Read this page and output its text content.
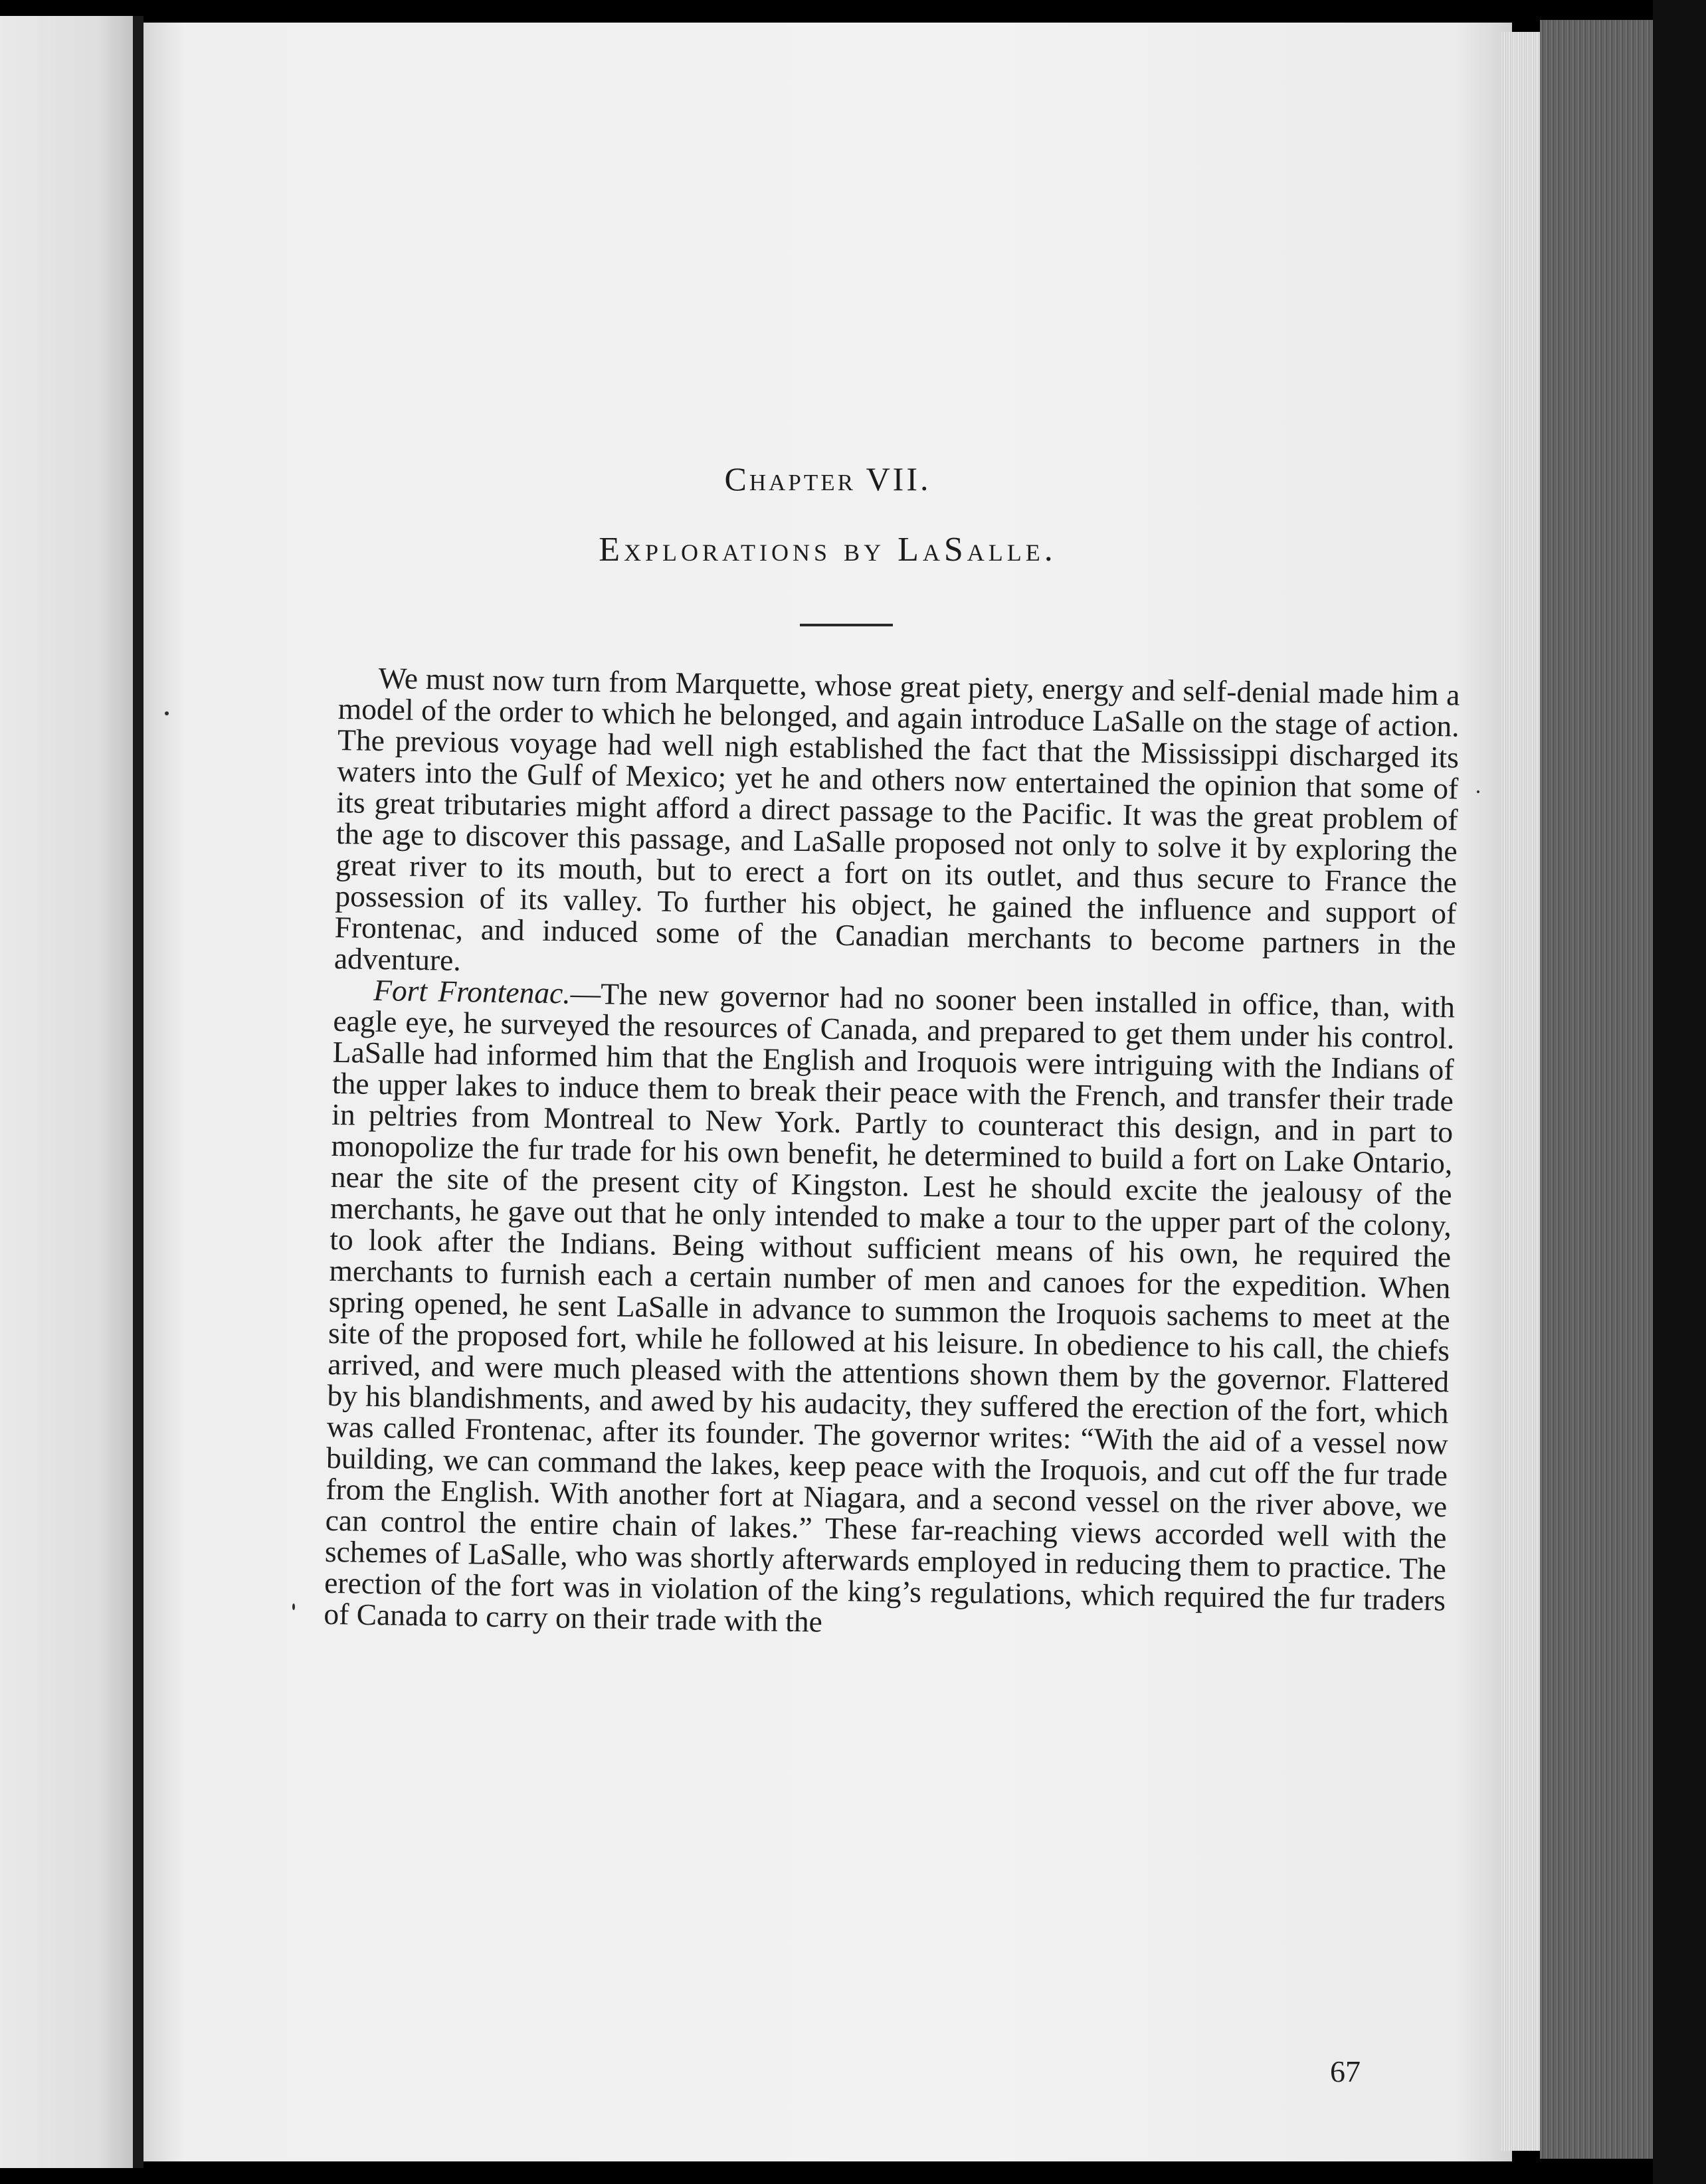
Chapter VII.
Explorations by LaSalle.

We must now turn from Marquette, whose great piety, energy and self-denial made him a model of the order to which he belonged, and again introduce LaSalle on the stage of action. The previous voyage had well nigh established the fact that the Mississippi discharged its waters into the Gulf of Mexico; yet he and others now entertained the opinion that some of its great tributaries might afford a direct passage to the Pacific. It was the great problem of the age to discover this passage, and LaSalle proposed not only to solve it by exploring the great river to its mouth, but to erect a fort on its outlet, and thus secure to France the possession of its valley. To further his object, he gained the influence and support of Frontenac, and induced some of the Canadian merchants to become partners in the adventure.

Fort Frontenac.—The new governor had no sooner been installed in office, than, with eagle eye, he surveyed the resources of Canada, and prepared to get them under his control. LaSalle had informed him that the English and Iroquois were intriguing with the Indians of the upper lakes to induce them to break their peace with the French, and transfer their trade in peltries from Montreal to New York. Partly to counteract this design, and in part to monopolize the fur trade for his own benefit, he determined to build a fort on Lake Ontario, near the site of the present city of Kingston. Lest he should excite the jealousy of the merchants, he gave out that he only intended to make a tour to the upper part of the colony, to look after the Indians. Being without sufficient means of his own, he required the merchants to furnish each a certain number of men and canoes for the expedition. When spring opened, he sent LaSalle in advance to summon the Iroquois sachems to meet at the site of the proposed fort, while he followed at his leisure. In obedience to his call, the chiefs arrived, and were much pleased with the attentions shown them by the governor. Flattered by his blandishments, and awed by his audacity, they suffered the erection of the fort, which was called Frontenac, after its founder. The governor writes: “With the aid of a vessel now building, we can command the lakes, keep peace with the Iroquois, and cut off the fur trade from the English. With another fort at Niagara, and a second vessel on the river above, we can control the entire chain of lakes.” These far-reaching views accorded well with the schemes of LaSalle, who was shortly afterwards employed in reducing them to practice. The erection of the fort was in violation of the king’s regulations, which required the fur traders of Canada to carry on their trade with the

67
